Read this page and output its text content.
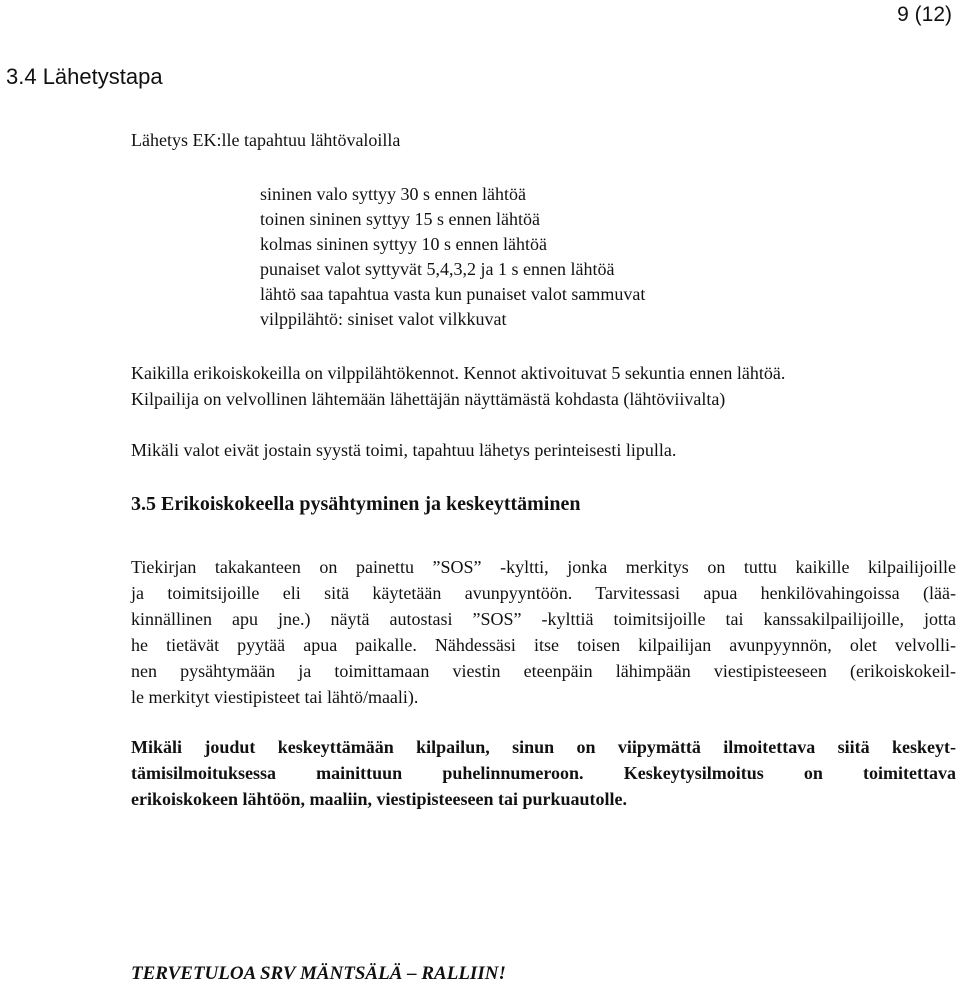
9 (12)
3.4 Lähetystapa

Lähetys EK:lle tapahtuu lähtövaloilla

sininen valo syttyy 30 s ennen lähtöä
toinen sininen syttyy 15 s ennen lähtöä
kolmas sininen syttyy 10 s ennen lähtöä
punaiset valot syttyvät 5,4,3,2 ja 1 s ennen lähtöä
lähtö saa tapahtua vasta kun punaiset valot sammuvat
vilppilähtö: siniset valot vilkkuvat

Kaikilla erikoiskokeilla on vilppilähtökennot. Kennot aktivoituvat 5 sekuntia ennen lähtöä.
Kilpailija on velvollinen lähtemään lähettäjän näyttämästä kohdasta (lähtöviivalta)

Mikäli valot eivät jostain syystä toimi, tapahtuu lähetys perinteisesti lipulla.

3.5 Erikoiskokeella pysähtyminen ja keskeyttäminen

Tiekirjan takakanteen on painettu ”SOS” -kyltti, jonka merkitys on tuttu kaikille kilpailijoille
ja toimitsijoille eli sitä käytetään avunpyyntöön. Tarvitessasi apua henkilövahingoissa (lää-
kinnällinen apu jne.) näytä autostasi ”SOS” -kylttiä toimitsijoille tai kanssakilpailijoille, jotta
he tietävät pyytää apua paikalle. Nähdessäsi itse toisen kilpailijan avunpyynnön, olet velvolli-
nen pysähtymään ja toimittamaan viestin eteenpäin lähimpään viestipisteeseen (erikoiskokeil-
le merkityt viestipisteet tai lähtö/maali).

Mikäli joudut keskeyttämään kilpailun, sinun on viipymättä ilmoitettava siitä keskeyt-
tämisilmoituksessa mainittuun puhelinnumeroon. Keskeytysilmoitus on toimitettava
erikoiskokeen lähtöön, maaliin, viestipisteeseen tai purkuautolle.

TERVETULOA SRV MÄNTSÄLÄ – RALLIIN!
